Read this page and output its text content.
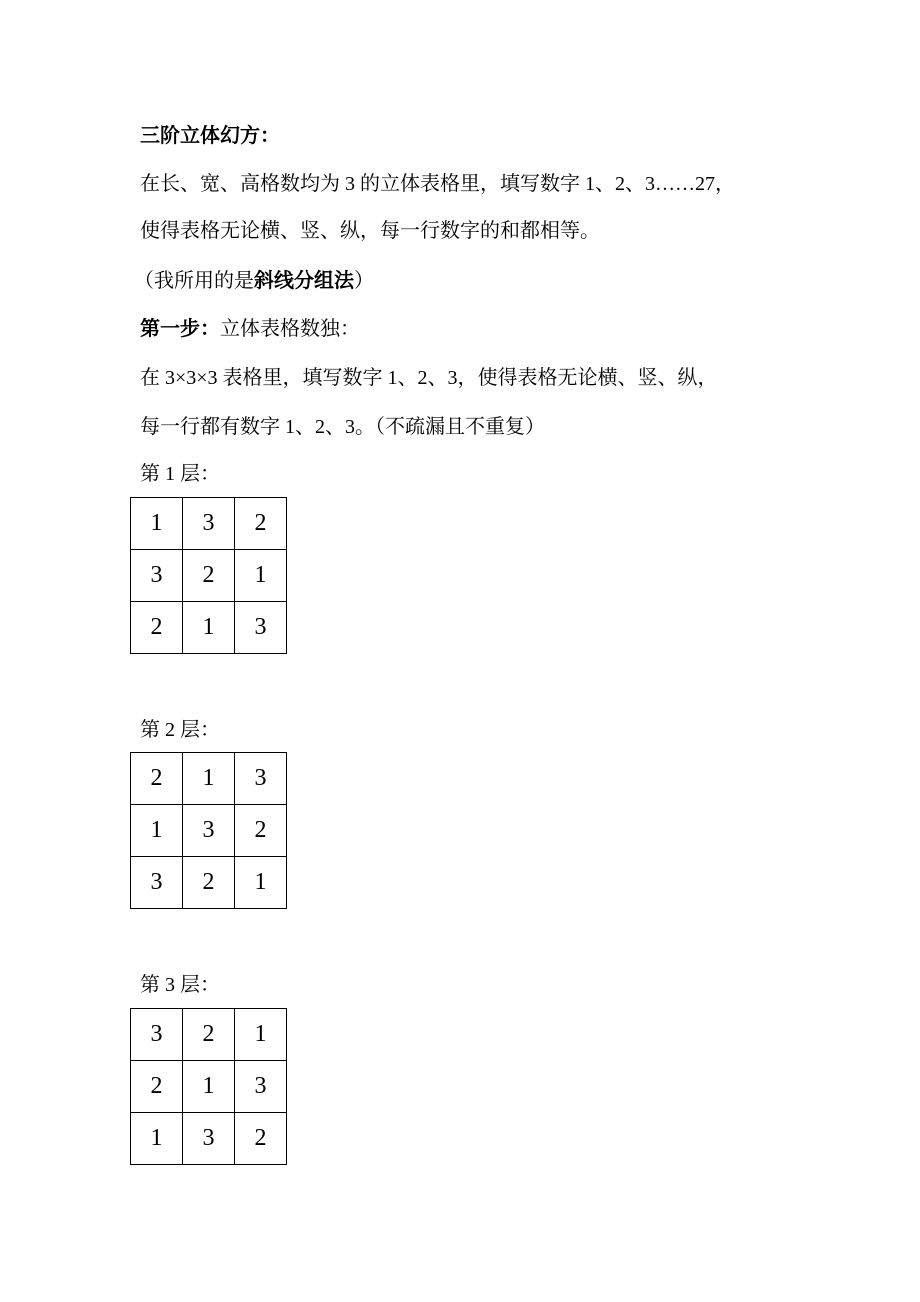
三阶立体幻方：
在长、宽、高格数均为 3 的立体表格里，填写数字 1、2、3……27，
使得表格无论横、竖、纵，每一行数字的和都相等。
（我所用的是斜线分组法）
第一步：立体表格数独：
在 3×3×3 表格里，填写数字 1、2、3，使得表格无论横、竖、纵，
每一行都有数字 1、2、3。（不疏漏且不重复）
第 1 层：
1	3	2
3	2	1
2	1	3
第 2 层：
2	1	3
1	3	2
3	2	1
第 3 层：
3	2	1
2	1	3
1	3	2
